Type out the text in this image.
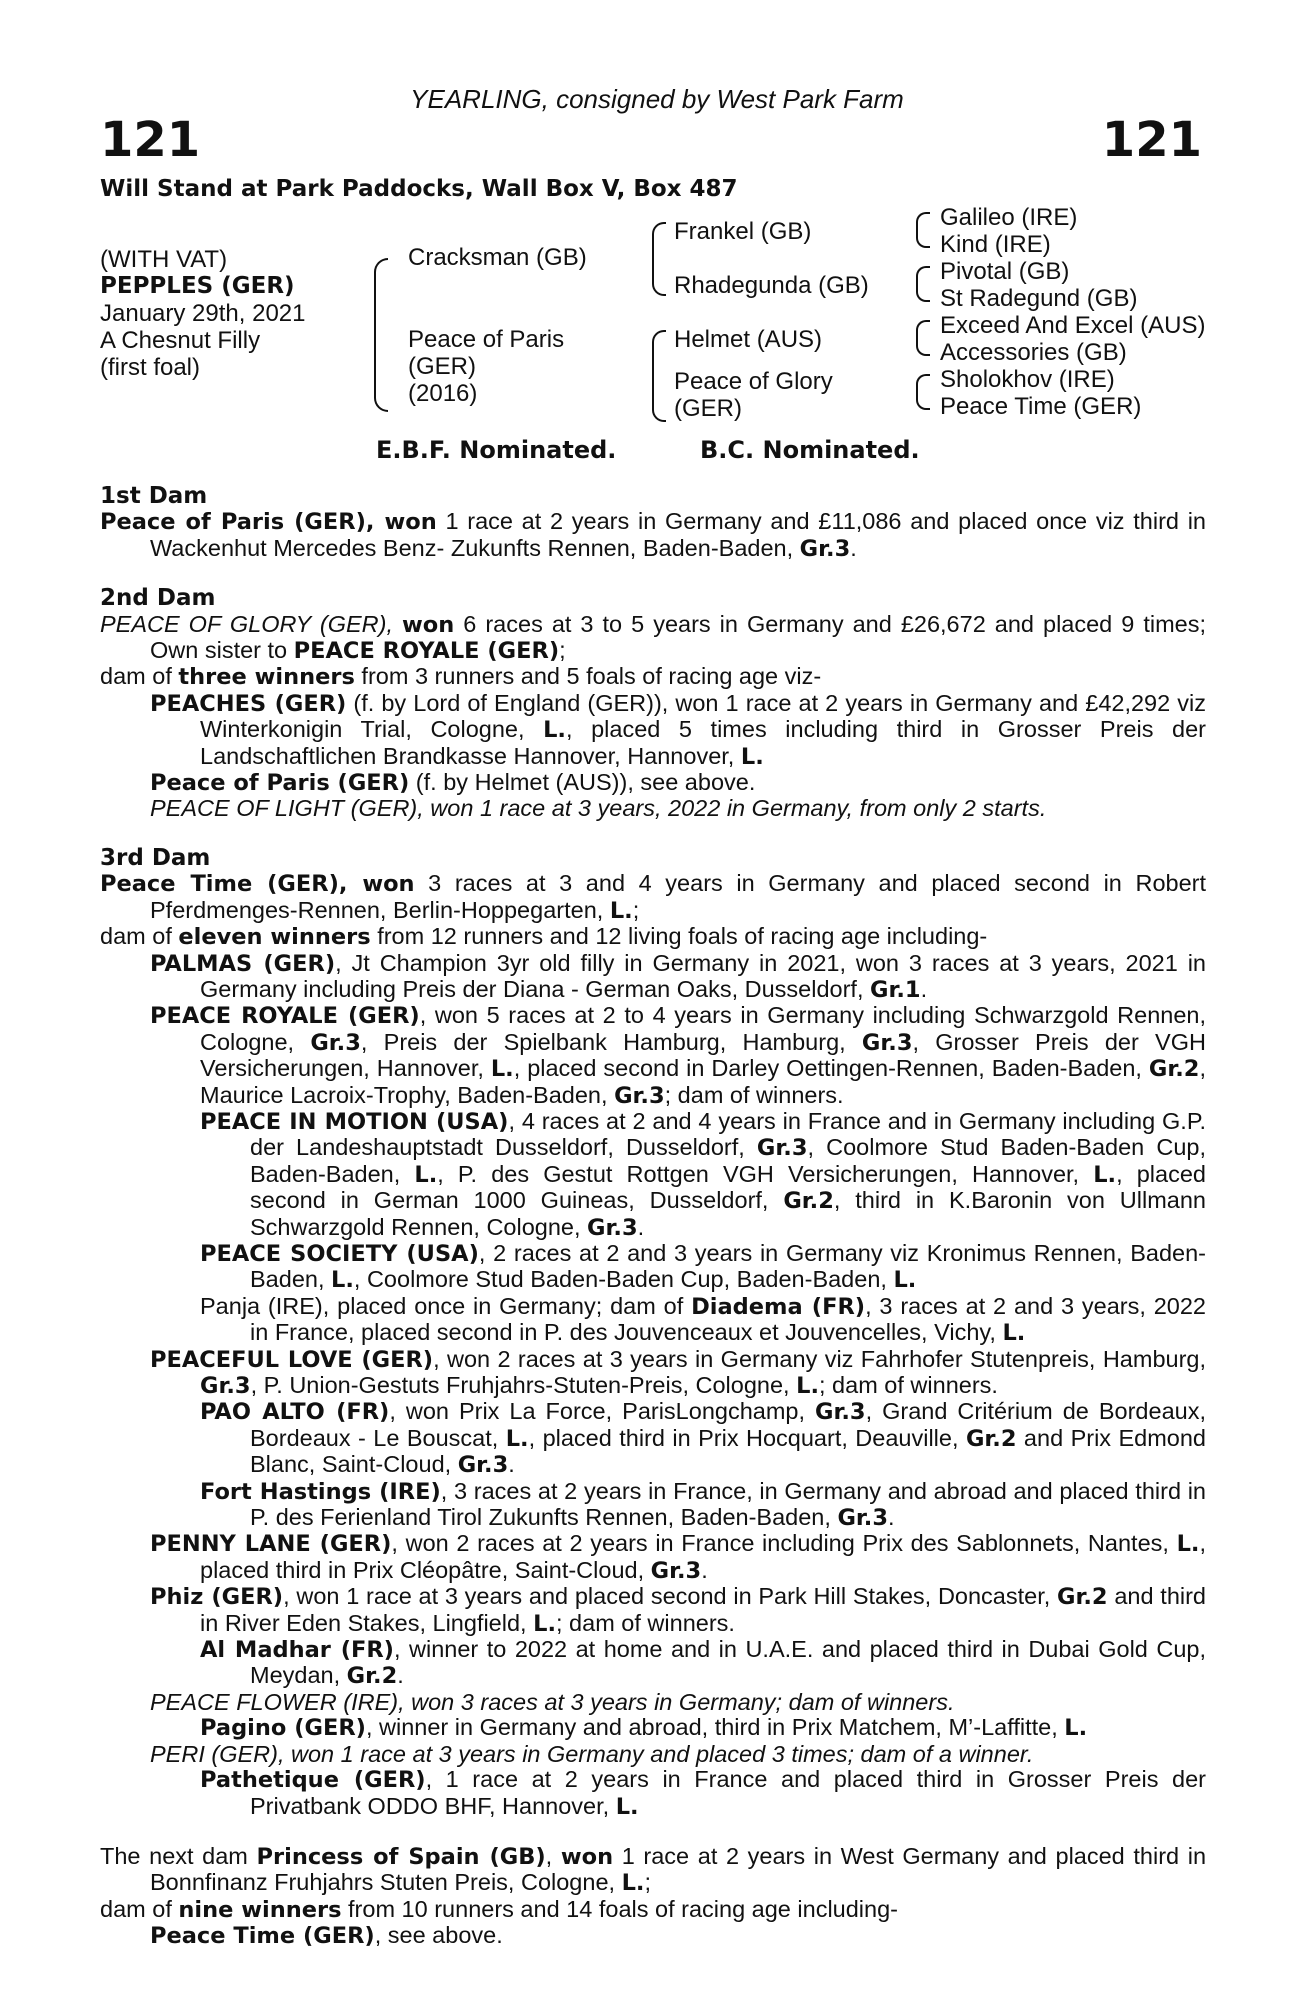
YEARLING, consigned by West Park Farm
121	121
Will Stand at Park Paddocks, Wall Box V, Box 487
(WITH VAT)
PEPPLES (GER)
January 29th, 2021
A Chesnut Filly
(first foal)
Cracksman (GB)
Peace of Paris
(GER)
(2016)
Frankel (GB)
Rhadegunda (GB)
Helmet (AUS)
Peace of Glory
(GER)
Galileo (IRE)
Kind (IRE)
Pivotal (GB)
St Radegund (GB)
Exceed And Excel (AUS)
Accessories (GB)
Sholokhov (IRE)
Peace Time (GER)
E.B.F. Nominated.	B.C. Nominated.
1st Dam
Peace of Paris (GER), won 1 race at 2 years in Germany and £11,086 and placed once viz third in Wackenhut Mercedes Benz- Zukunfts Rennen, Baden-Baden, Gr.3.
2nd Dam
PEACE OF GLORY (GER), won 6 races at 3 to 5 years in Germany and £26,672 and placed 9 times; Own sister to PEACE ROYALE (GER);
dam of three winners from 3 runners and 5 foals of racing age viz-
PEACHES (GER) (f. by Lord of England (GER)), won 1 race at 2 years in Germany and £42,292 viz Winterkonigin Trial, Cologne, L., placed 5 times including third in Grosser Preis der Landschaftlichen Brandkasse Hannover, Hannover, L.
Peace of Paris (GER) (f. by Helmet (AUS)), see above.
PEACE OF LIGHT (GER), won 1 race at 3 years, 2022 in Germany, from only 2 starts.
3rd Dam
Peace Time (GER), won 3 races at 3 and 4 years in Germany and placed second in Robert Pferdmenges-Rennen, Berlin-Hoppegarten, L.;
dam of eleven winners from 12 runners and 12 living foals of racing age including-
PALMAS (GER), Jt Champion 3yr old filly in Germany in 2021, won 3 races at 3 years, 2021 in Germany including Preis der Diana - German Oaks, Dusseldorf, Gr.1.
PEACE ROYALE (GER), won 5 races at 2 to 4 years in Germany including Schwarzgold Rennen, Cologne, Gr.3, Preis der Spielbank Hamburg, Hamburg, Gr.3, Grosser Preis der VGH Versicherungen, Hannover, L., placed second in Darley Oettingen-Rennen, Baden-Baden, Gr.2, Maurice Lacroix-Trophy, Baden-Baden, Gr.3; dam of winners.
PEACE IN MOTION (USA), 4 races at 2 and 4 years in France and in Germany including G.P. der Landeshauptstadt Dusseldorf, Dusseldorf, Gr.3, Coolmore Stud Baden-Baden Cup, Baden-Baden, L., P. des Gestut Rottgen VGH Versicherungen, Hannover, L., placed second in German 1000 Guineas, Dusseldorf, Gr.2, third in K.Baronin von Ullmann Schwarzgold Rennen, Cologne, Gr.3.
PEACE SOCIETY (USA), 2 races at 2 and 3 years in Germany viz Kronimus Rennen, Baden-Baden, L., Coolmore Stud Baden-Baden Cup, Baden-Baden, L.
Panja (IRE), placed once in Germany; dam of Diadema (FR), 3 races at 2 and 3 years, 2022 in France, placed second in P. des Jouvenceaux et Jouvencelles, Vichy, L.
PEACEFUL LOVE (GER), won 2 races at 3 years in Germany viz Fahrhofer Stutenpreis, Hamburg, Gr.3, P. Union-Gestuts Fruhjahrs-Stuten-Preis, Cologne, L.; dam of winners.
PAO ALTO (FR), won Prix La Force, ParisLongchamp, Gr.3, Grand Critérium de Bordeaux, Bordeaux - Le Bouscat, L., placed third in Prix Hocquart, Deauville, Gr.2 and Prix Edmond Blanc, Saint-Cloud, Gr.3.
Fort Hastings (IRE), 3 races at 2 years in France, in Germany and abroad and placed third in P. des Ferienland Tirol Zukunfts Rennen, Baden-Baden, Gr.3.
PENNY LANE (GER), won 2 races at 2 years in France including Prix des Sablonnets, Nantes, L., placed third in Prix Cléopâtre, Saint-Cloud, Gr.3.
Phiz (GER), won 1 race at 3 years and placed second in Park Hill Stakes, Doncaster, Gr.2 and third in River Eden Stakes, Lingfield, L.; dam of winners.
Al Madhar (FR), winner to 2022 at home and in U.A.E. and placed third in Dubai Gold Cup, Meydan, Gr.2.
PEACE FLOWER (IRE), won 3 races at 3 years in Germany; dam of winners.
Pagino (GER), winner in Germany and abroad, third in Prix Matchem, M’-Laffitte, L.
PERI (GER), won 1 race at 3 years in Germany and placed 3 times; dam of a winner.
Pathetique (GER), 1 race at 2 years in France and placed third in Grosser Preis der Privatbank ODDO BHF, Hannover, L.
The next dam Princess of Spain (GB), won 1 race at 2 years in West Germany and placed third in Bonnfinanz Fruhjahrs Stuten Preis, Cologne, L.;
dam of nine winners from 10 runners and 14 foals of racing age including-
Peace Time (GER), see above.
